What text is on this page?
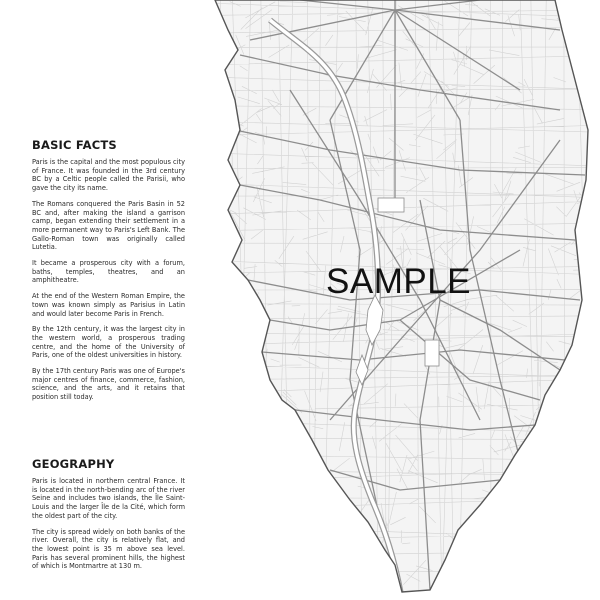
BASIC FACTS

Paris is the capital and the most populous city of France. It was founded in the 3rd century BC by a Celtic people called the Parisii, who gave the city its name.

The Romans conquered the Paris Basin in 52 BC and, after making the island a garrison camp, began extending their settlement in a more permanent way to Paris's Left Bank. The Gallo-Roman town was originally called Lutetia.

It became a prosperous city with a forum, baths, temples, theatres, and an amphitheatre.

At the end of the Western Roman Empire, the town was known simply as Parisius in Latin and would later become Paris in French.

By the 12th century, it was the largest city in the western world, a prosperous trading centre, and the home of the University of Paris, one of the oldest universities in history.

By the 17th century Paris was one of Europe's major centres of finance, commerce, fashion, science, and the arts, and it retains that position still today.

GEOGRAPHY

Paris is located in northern central France. It is located in the north-bending arc of the river Seine and includes two islands, the Île Saint-Louis and the larger Île de la Cité, which form the oldest part of the city.

The city is spread widely on both banks of the river. Overall, the city is relatively flat, and the lowest point is 35 m above sea level. Paris has several prominent hills, the highest of which is Montmartre at 130 m.

SAMPLE
